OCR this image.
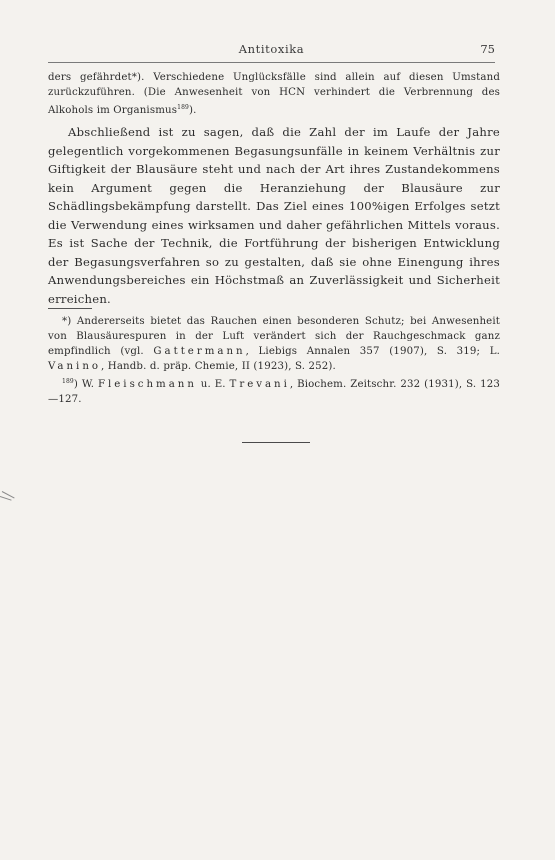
Antitoxika	75

ders gefährdet*). Verschiedene Unglücksfälle sind allein auf diesen Umstand zurückzuführen. (Die Anwesenheit von HCN verhindert die Verbrennung des Alkohols im Organismus$^{189}$).

Abschließend ist zu sagen, daß die Zahl der im Laufe der Jahre gelegentlich vorgekommenen Begasungsunfälle in keinem Verhältnis zur Giftigkeit der Blausäure steht und nach der Art ihres Zustandekommens kein Argument gegen die Heranziehung der Blausäure zur Schädlingsbekämpfung darstellt. Das Ziel eines 100%igen Erfolges setzt die Verwendung eines wirksamen und daher gefährlichen Mittels voraus. Es ist Sache der Technik, die Fortführung der bisherigen Entwicklung der Begasungsverfahren so zu gestalten, daß sie ohne Einengung ihres Anwendungsbereiches ein Höchstmaß an Zuverlässigkeit und Sicherheit erreichen.

*) Andererseits bietet das Rauchen einen besonderen Schutz; bei Anwesenheit von Blausäurespuren in der Luft verändert sich der Rauchgeschmack ganz empfindlich (vgl. Gattermann, Liebigs Annalen 357 (1907), S. 319; L. Vanino, Handb. d. präp. Chemie, II (1923), S. 252).

$^{189}$) W. Fleischmann u. E. Trevani, Biochem. Zeitschr. 232 (1931), S. 123—127.
